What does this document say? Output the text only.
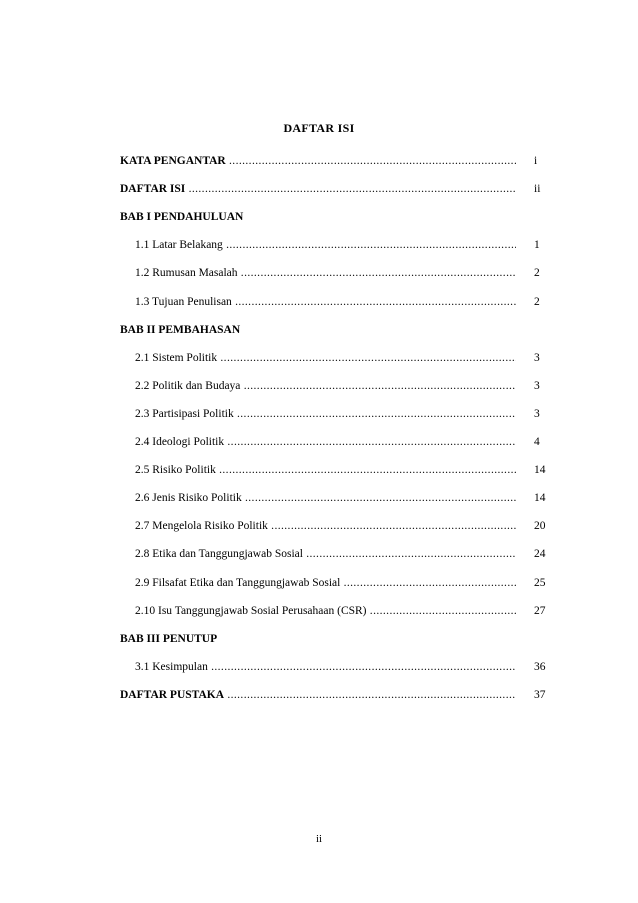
DAFTAR ISI
KATA PENGANTAR .....	i
DAFTAR ISI .....	ii
BAB I PENDAHULUAN
1.1 Latar Belakang .....	1
1.2 Rumusan Masalah .....	2
1.3 Tujuan Penulisan .....	2
BAB II PEMBAHASAN
2.1 Sistem Politik .....	3
2.2 Politik dan Budaya .....	3
2.3 Partisipasi Politik .....	3
2.4 Ideologi Politik .....	4
2.5 Risiko Politik .....	14
2.6 Jenis Risiko Politik .....	14
2.7 Mengelola Risiko Politik .....	20
2.8 Etika dan Tanggungjawab Sosial .....	24
2.9 Filsafat Etika dan Tanggungjawab Sosial .....	25
2.10 Isu Tanggungjawab Sosial Perusahaan (CSR) .....	27
BAB III PENUTUP
3.1 Kesimpulan .....	36
DAFTAR PUSTAKA .....	37
ii
